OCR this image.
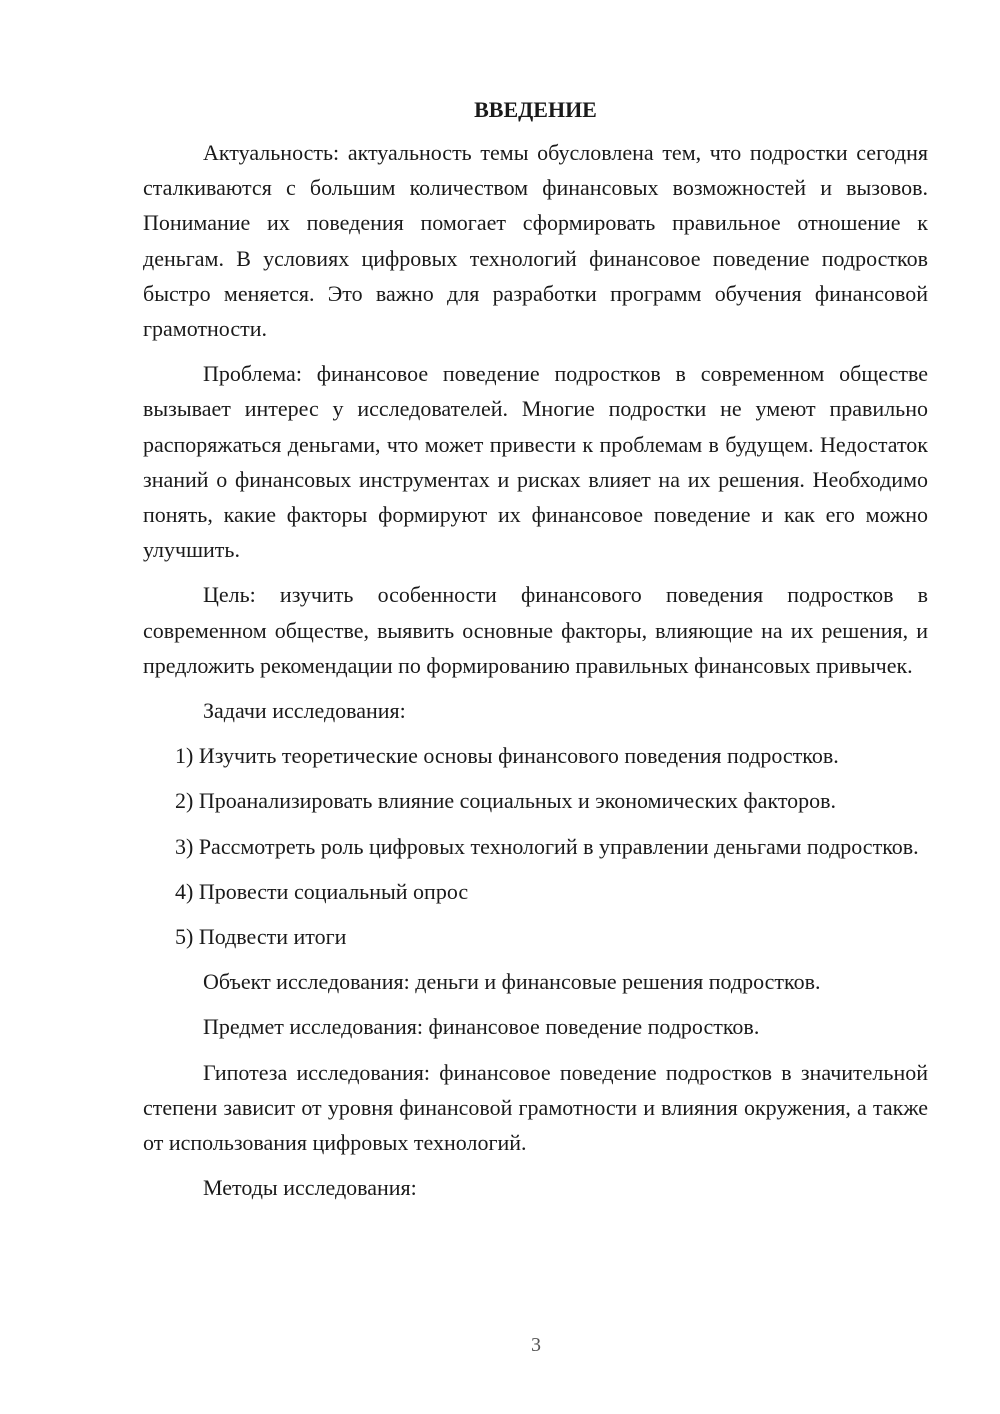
ВВЕДЕНИЕ

Актуальность: актуальность темы обусловлена тем, что подростки сегодня сталкиваются с большим количеством финансовых возможностей и вызовов. Понимание их поведения помогает сформировать правильное отношение к деньгам. В условиях цифровых технологий финансовое поведение подростков быстро меняется. Это важно для разработки программ обучения финансовой грамотности.

Проблема: финансовое поведение подростков в современном обществе вызывает интерес у исследователей. Многие подростки не умеют правильно распоряжаться деньгами, что может привести к проблемам в будущем. Недостаток знаний о финансовых инструментах и рисках влияет на их решения. Необходимо понять, какие факторы формируют их финансовое поведение и как его можно улучшить.

Цель: изучить особенности финансового поведения подростков в современном обществе, выявить основные факторы, влияющие на их решения, и предложить рекомендации по формированию правильных финансовых привычек.

Задачи исследования:

1) Изучить теоретические основы финансового поведения подростков.

2) Проанализировать влияние социальных и экономических факторов.

3) Рассмотреть роль цифровых технологий в управлении деньгами подростков.

4) Провести социальный опрос

5) Подвести итоги

Объект исследования: деньги и финансовые решения подростков.

Предмет исследования: финансовое поведение подростков.

Гипотеза исследования: финансовое поведение подростков в значительной степени зависит от уровня финансовой грамотности и влияния окружения, а также от использования цифровых технологий.

Методы исследования:

3
